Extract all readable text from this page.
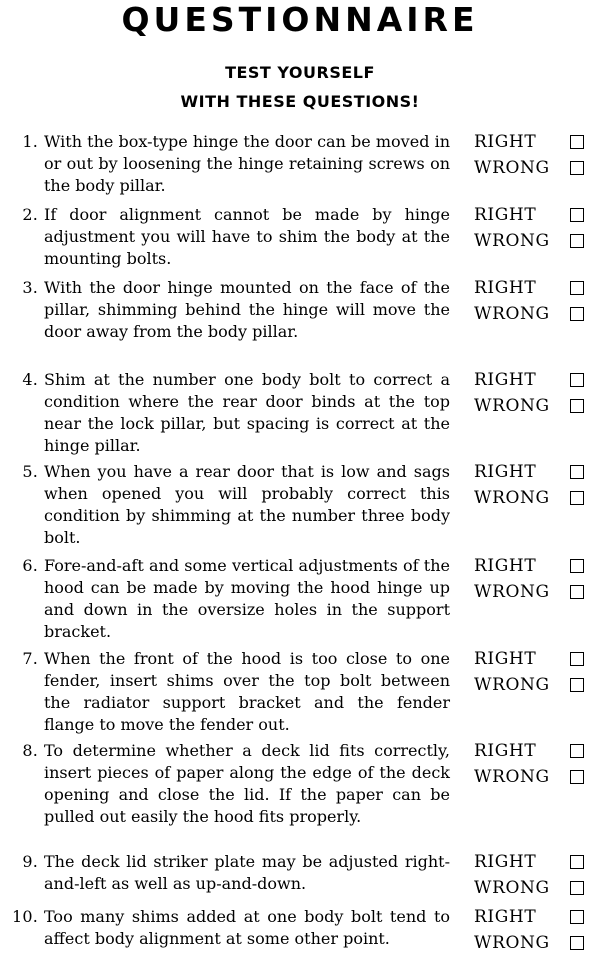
QUESTIONNAIRE
TEST YOURSELF
WITH THESE QUESTIONS!
1. With the box-type hinge the door can be moved in or out by loosening the hinge retaining screws on the body pillar.
RIGHT
WRONG
2. If door alignment cannot be made by hinge adjustment you will have to shim the body at the mounting bolts.
RIGHT
WRONG
3. With the door hinge mounted on the face of the pillar, shimming behind the hinge will move the door away from the body pillar.
RIGHT
WRONG
4. Shim at the number one body bolt to correct a condition where the rear door binds at the top near the lock pillar, but spacing is correct at the hinge pillar.
RIGHT
WRONG
5. When you have a rear door that is low and sags when opened you will probably correct this condition by shimming at the number three body bolt.
RIGHT
WRONG
6. Fore-and-aft and some vertical adjustments of the hood can be made by moving the hood hinge up and down in the oversize holes in the support bracket.
RIGHT
WRONG
7. When the front of the hood is too close to one fender, insert shims over the top bolt between the radiator support bracket and the fender flange to move the fender out.
RIGHT
WRONG
8. To determine whether a deck lid fits correctly, insert pieces of paper along the edge of the deck opening and close the lid. If the paper can be pulled out easily the hood fits properly.
RIGHT
WRONG
9. The deck lid striker plate may be adjusted right-and-left as well as up-and-down.
RIGHT
WRONG
10. Too many shims added at one body bolt tend to affect body alignment at some other point.
RIGHT
WRONG
